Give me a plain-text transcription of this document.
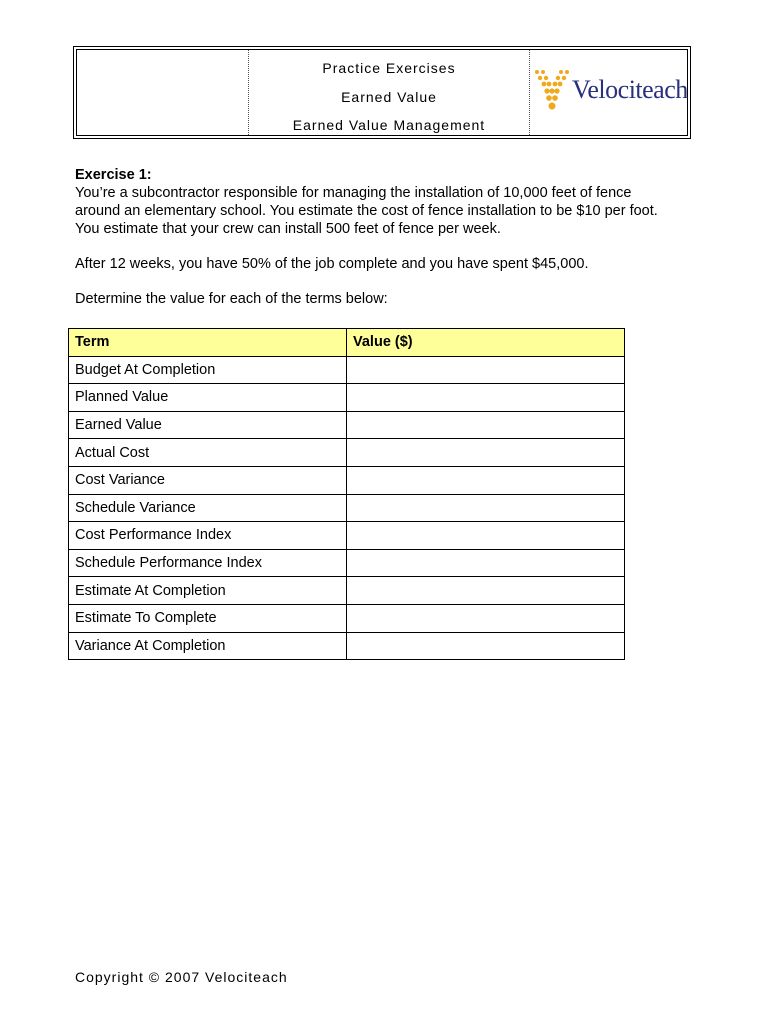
Practice Exercises
Earned Value
Earned Value Management
Velociteach
Exercise 1:

You’re a subcontractor responsible for managing the installation of 10,000 feet of fence

around an elementary school. You estimate the cost of fence installation to be $10 per foot.

You estimate that your crew can install 500 feet of fence per week.

After 12 weeks, you have 50% of the job complete and you have spent $45,000.

Determine the value for each of the terms below:

Term	Value ($)
Budget At Completion	
Planned Value	
Earned Value	
Actual Cost	
Cost Variance	
Schedule Variance	
Cost Performance Index	
Schedule Performance Index	
Estimate At Completion	
Estimate To Complete	
Variance At Completion	
Copyright © 2007 Velociteach
